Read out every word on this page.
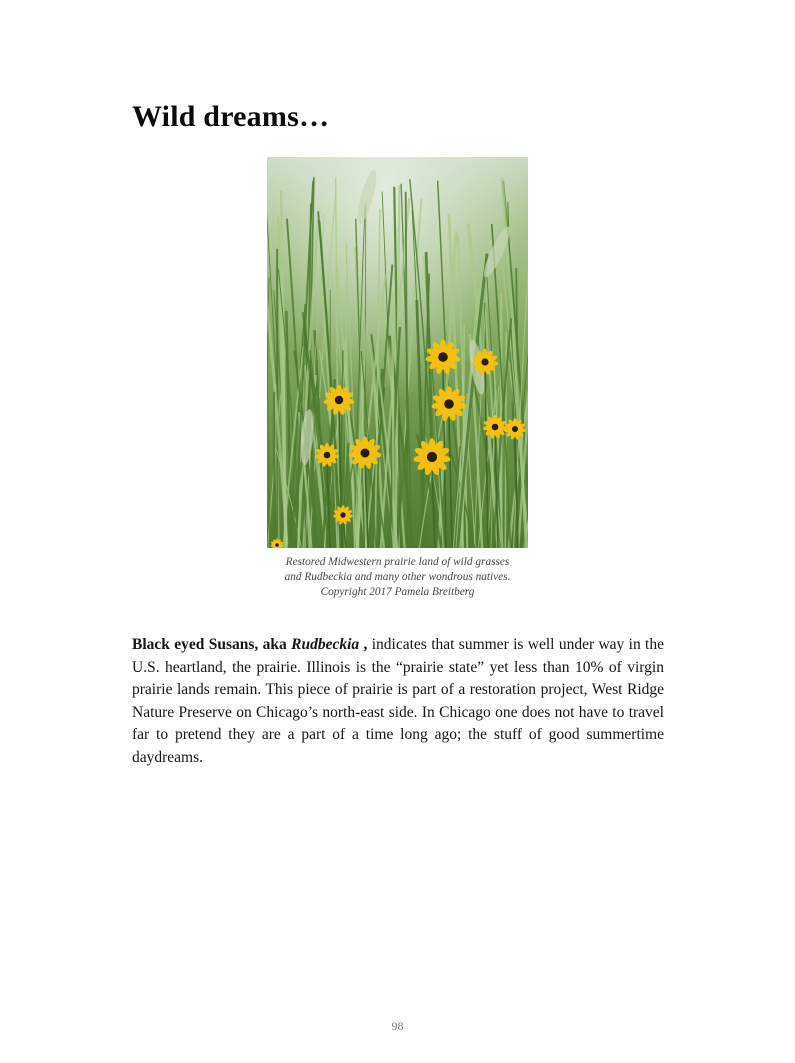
Wild dreams…
Restored Midwestern prairie land of wild grasses
and Rudbeckia and many other wondrous natives.
Copyright 2017 Pamela Breitberg

Black eyed Susans, aka Rudbeckia , indicates that summer is well under way in the U.S. heartland, the prairie. Illinois is the “prairie state” yet less than 10% of virgin prairie lands remain. This piece of prairie is part of a restoration project, West Ridge Nature Preserve on Chicago’s north-east side. In Chicago one does not have to travel far to pretend they are a part of a time long ago; the stuff of good summertime daydreams.

98
